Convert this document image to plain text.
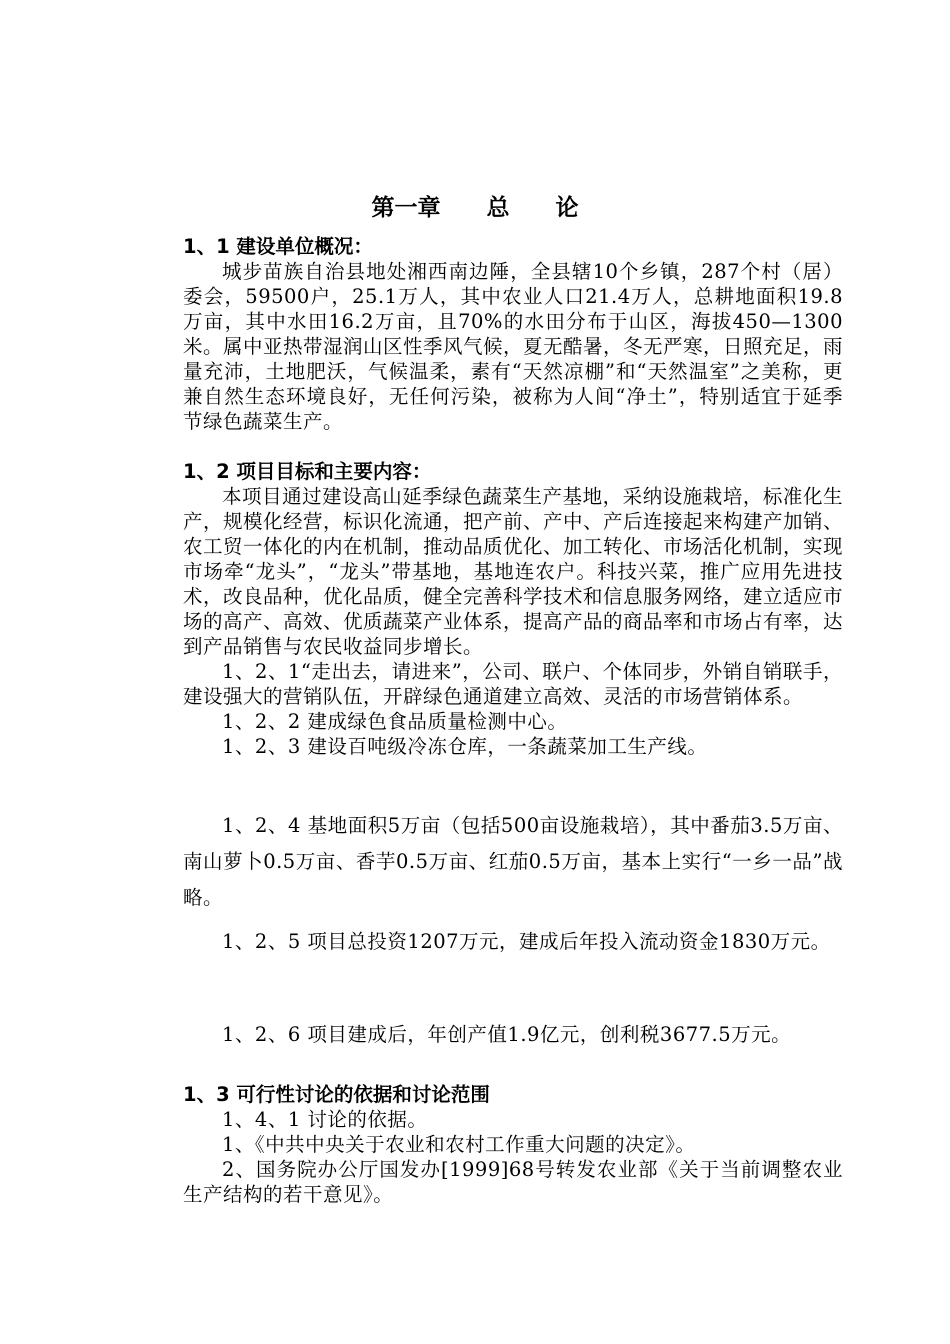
第一章　　总　　论
1、1 建设单位概况：

城步苗族自治县地处湘西南边陲，全县辖10个乡镇，287个村（居）委会，59500户，25.1万人，其中农业人口21.4万人，总耕地面积19.8万亩，其中水田16.2万亩，且70%的水田分布于山区，海拔450—1300米。属中亚热带湿润山区性季风气候，夏无酷暑，冬无严寒，日照充足，雨量充沛，土地肥沃，气候温柔，素有“天然凉棚”和“天然温室”之美称，更兼自然生态环境良好，无任何污染，被称为人间“净土”，特别适宜于延季节绿色蔬菜生产。

1、2 项目目标和主要内容：

本项目通过建设高山延季绿色蔬菜生产基地，采纳设施栽培，标准化生产，规模化经营，标识化流通，把产前、产中、产后连接起来构建产加销、农工贸一体化的内在机制，推动品质优化、加工转化、市场活化机制，实现市场牵“龙头”，“龙头”带基地，基地连农户。科技兴菜，推广应用先进技术，改良品种，优化品质，健全完善科学技术和信息服务网络，建立适应市场的高产、高效、优质蔬菜产业体系，提高产品的商品率和市场占有率，达到产品销售与农民收益同步增长。

1、2、1“走出去，请进来”，公司、联户、个体同步，外销自销联手，建设强大的营销队伍，开辟绿色通道建立高效、灵活的市场营销体系。

1、2、2 建成绿色食品质量检测中心。

1、2、3 建设百吨级冷冻仓库，一条蔬菜加工生产线。

1、2、4 基地面积5万亩（包括500亩设施栽培），其中番茄3.5万亩、南山萝卜0.5万亩、香芋0.5万亩、红茄0.5万亩，基本上实行“一乡一品”战略。

1、2、5 项目总投资1207万元，建成后年投入流动资金1830万元。

1、2、6 项目建成后，年创产值1.9亿元，创利税3677.5万元。

1、3 可行性讨论的依据和讨论范围

1、4、1 讨论的依据。

1、《中共中央关于农业和农村工作重大问题的决定》。

2、国务院办公厅国发办[1999]68号转发农业部《关于当前调整农业生产结构的若干意见》。
